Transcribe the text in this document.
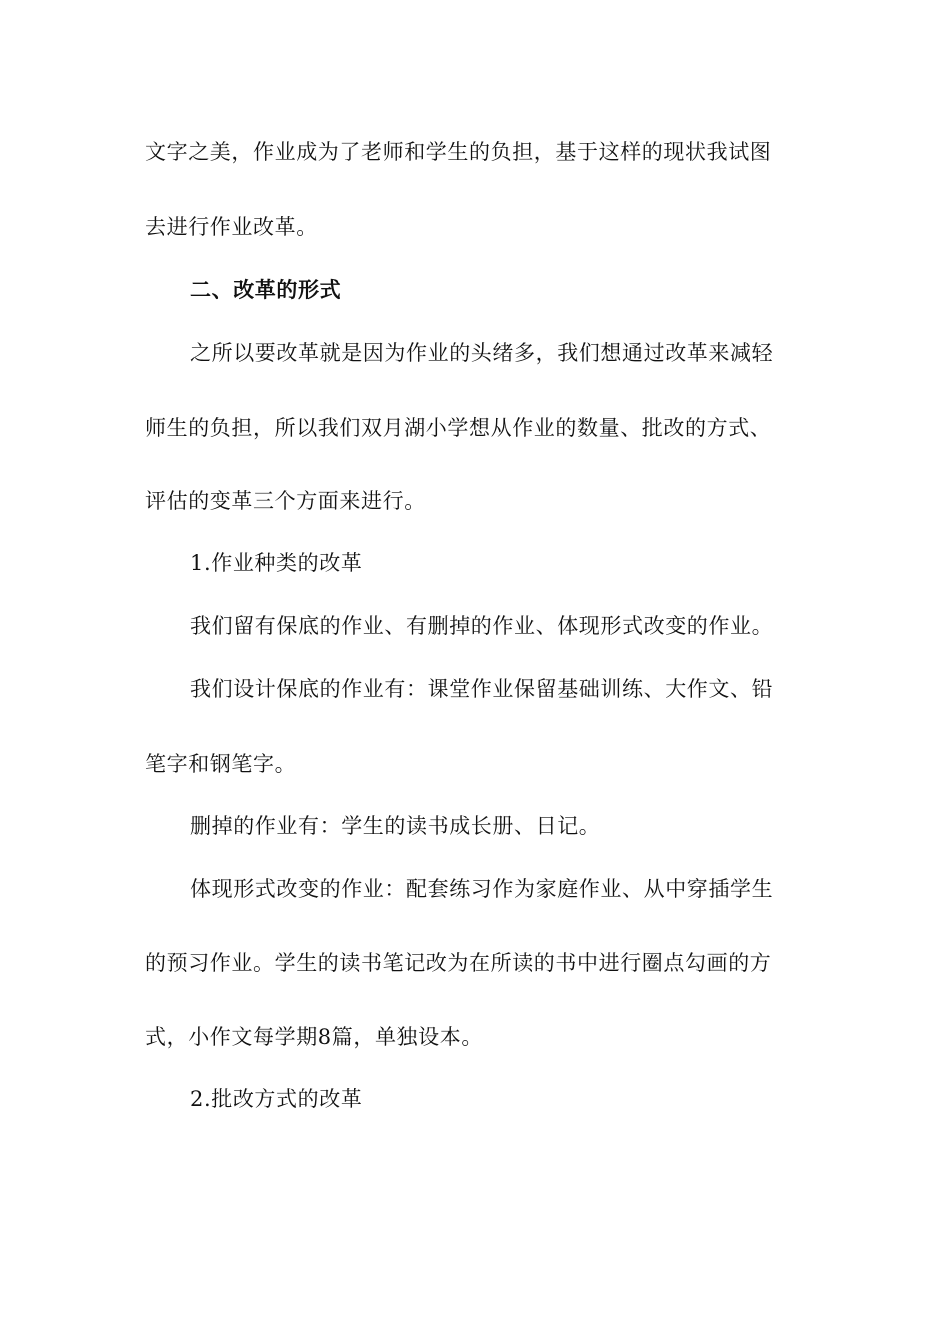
文字之美，作业成为了老师和学生的负担，基于这样的现状我试图
去进行作业改革。
二、改革的形式
之所以要改革就是因为作业的头绪多，我们想通过改革来减轻
师生的负担，所以我们双月湖小学想从作业的数量、批改的方式、
评估的变革三个方面来进行。
1.作业种类的改革
我们留有保底的作业、有删掉的作业、体现形式改变的作业。
我们设计保底的作业有：课堂作业保留基础训练、大作文、铅
笔字和钢笔字。
删掉的作业有：学生的读书成长册、日记。
体现形式改变的作业：配套练习作为家庭作业、从中穿插学生
的预习作业。学生的读书笔记改为在所读的书中进行圈点勾画的方
式，小作文每学期8篇，单独设本。
2.批改方式的改革
